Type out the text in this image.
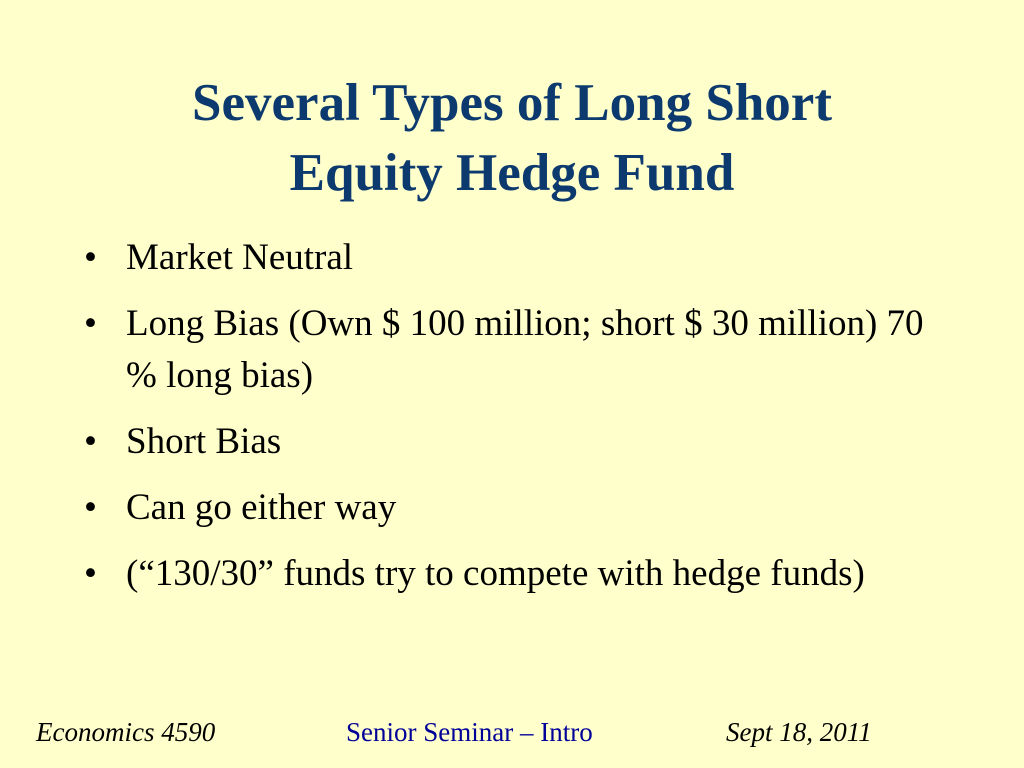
Several Types of Long Short
Equity Hedge Fund
• Market Neutral
• Long Bias (Own $ 100 million; short $ 30 million) 70 % long bias)
• Short Bias
• Can go either way
• (“130/30” funds try to compete with hedge funds)
Economics 4590	Senior Seminar – Intro	Sept 18, 2011
